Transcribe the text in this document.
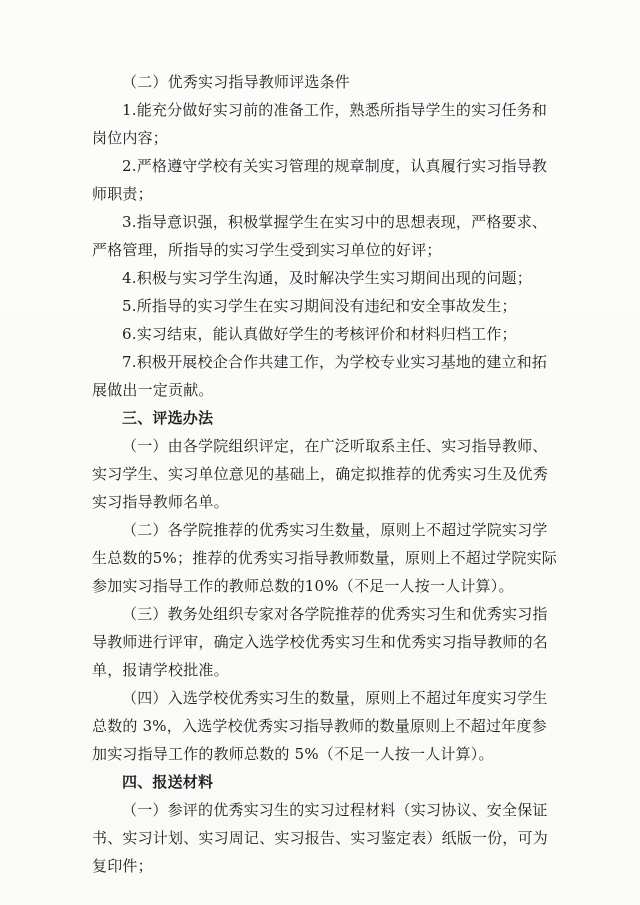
（二）优秀实习指导教师评选条件
1.能充分做好实习前的准备工作，熟悉所指导学生的实习任务和
岗位内容；
2.严格遵守学校有关实习管理的规章制度，认真履行实习指导教
师职责；
3.指导意识强，积极掌握学生在实习中的思想表现，严格要求、
严格管理，所指导的实习学生受到实习单位的好评；
4.积极与实习学生沟通，及时解决学生实习期间出现的问题；
5.所指导的实习学生在实习期间没有违纪和安全事故发生；
6.实习结束，能认真做好学生的考核评价和材料归档工作；
7.积极开展校企合作共建工作，为学校专业实习基地的建立和拓
展做出一定贡献。
三、评选办法
（一）由各学院组织评定，在广泛听取系主任、实习指导教师、
实习学生、实习单位意见的基础上，确定拟推荐的优秀实习生及优秀
实习指导教师名单。
（二）各学院推荐的优秀实习生数量，原则上不超过学院实习学
生总数的5%；推荐的优秀实习指导教师数量，原则上不超过学院实际
参加实习指导工作的教师总数的10%（不足一人按一人计算）。
（三）教务处组织专家对各学院推荐的优秀实习生和优秀实习指
导教师进行评审，确定入选学校优秀实习生和优秀实习指导教师的名
单，报请学校批准。
（四）入选学校优秀实习生的数量，原则上不超过年度实习学生
总数的 3%，入选学校优秀实习指导教师的数量原则上不超过年度参
加实习指导工作的教师总数的 5%（不足一人按一人计算）。
四、报送材料
（一）参评的优秀实习生的实习过程材料（实习协议、安全保证
书、实习计划、实习周记、实习报告、实习鉴定表）纸版一份，可为
复印件；
